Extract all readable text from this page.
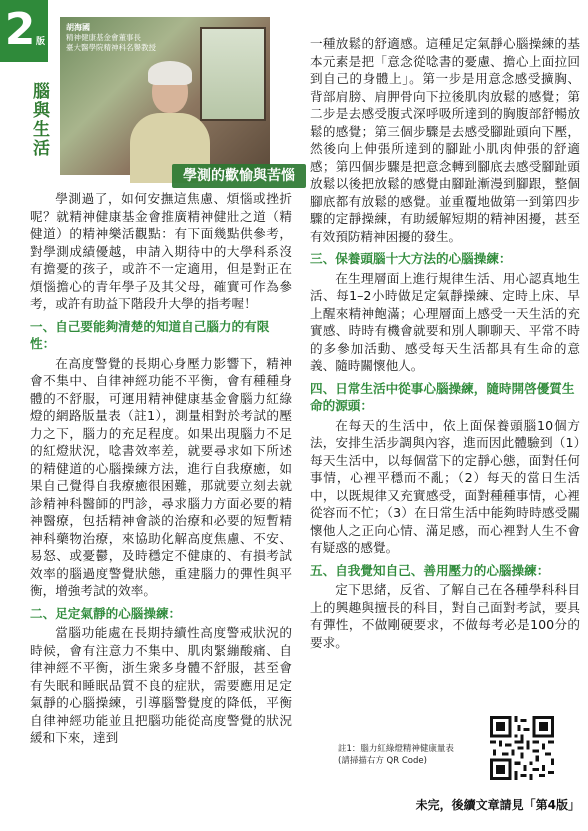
2 版
腦與生活
胡海國
精神健康基金會董事長
臺大醫學院精神科名譽教授
學測的歡愉與苦惱

學測過了，如何安撫這焦慮、煩惱或挫折呢？就精神健康基金會推廣精神健壯之道（精健道）的精神樂活觀點：有下面幾點供參考，對學測成績優越，申請入期待中的大學科系沒有擔憂的孩子，或許不一定適用，但是對正在煩惱擔心的青年學子及其父母，確實可作為參考，或許有助益下階段升大學的指考喔！

一、自己要能夠清楚的知道自己腦力的有限性：

在高度警覺的長期心身壓力影響下，精神會不集中、自律神經功能不平衡，會有種種身體的不舒服，可運用精神健康基金會腦力紅綠燈的網路版量表（註1），測量相對於考試的壓力之下，腦力的充足程度。如果出現腦力不足的紅燈狀況，唸書效率差，就要尋求如下所述的精健道的心腦操練方法，進行自我療癒，如果自己覺得自我療癒很困難，那就要立刻去就診精神科醫師的門診，尋求腦力方面必要的精神醫療，包括精神會談的治療和必要的短暫精神科藥物治療，來協助化解高度焦慮、不安、易怒、或憂鬱，及時穩定不健康的、有損考試效率的腦過度警覺狀態，重建腦力的彈性與平衡，增強考試的效率。

二、足定氣靜的心腦操練：
當腦功能處在長期持續性高度警戒狀況的時候，會有注意力不集中、肌肉緊繃酸痛、自律神經不平衡，浙生衆多身體不舒服，甚至會有失眠和睡眠品質不良的症狀，需要應用足定氣靜的心腦操練，引導腦警覺度的降低，平衡自律神經功能並且把腦功能從高度警覺的狀況緩和下來，達到
一種放鬆的舒適感。這種足定氣靜心腦操練的基本元素是把「意念從唸書的憂慮、擔心上面拉回到自己的身體上」。第一步是用意念感受擴胸、背部肩膀、肩胛骨向下拉後肌肉放鬆的感覺；第二步是去感受腹式深呼吸所達到的胸腹部舒暢放鬆的感覺；第三個步驟是去感受腳趾頭向下壓，然後向上伸張所達到的腳趾小肌肉伸張的舒適感；第四個步驟是把意念轉到腳底去感受腳趾頭放鬆以後把放鬆的感覺由腳趾漸漫到腳跟，整個腳底都有放鬆的感覺。並重覆地做第一到第四步驟的定靜操練，有助緩解短期的精神困擾，甚至有效預防精神困擾的發生。
三、保養頭腦十大方法的心腦操練：

在生理層面上進行規律生活、用心認真地生活、每1–2小時做足定氣靜操練、定時上床、早上醒來精神飽滿；心理層面上感受一天生活的充實感、時時有機會就要和別人聊聊天、平常不時的多參加活動、感受每天生活都具有生命的意義、隨時關懷他人。

四、日常生活中從事心腦操練，隨時開啓優質生命的源頭：

在每天的生活中，依上面保養頭腦10個方法，安排生活步調與內容，進而因此體驗到（1）每天生活中，以每個當下的定靜心態，面對任何事情，心裡平穩而不亂；（2）每天的當日生活中，以既規律又充實感受，面對種種事情，心裡從容而不忙；（3）在日常生活中能夠時時感受關懷他人之正向心情、滿足感，而心裡對人生不會有疑惑的感覺。

五、自我覺知自己、善用壓力的心腦操練：

定下思緒，反省、了解自己在各種學科科目上的興趣與擅長的科目，對自己面對考試，要具有彈性，不做剛硬要求，不做每考必是100分的要求。

註1：腦力紅綠燈精神健康量表
(請掃描右方 QR Code)
未完，後續文章請見「第4版」
